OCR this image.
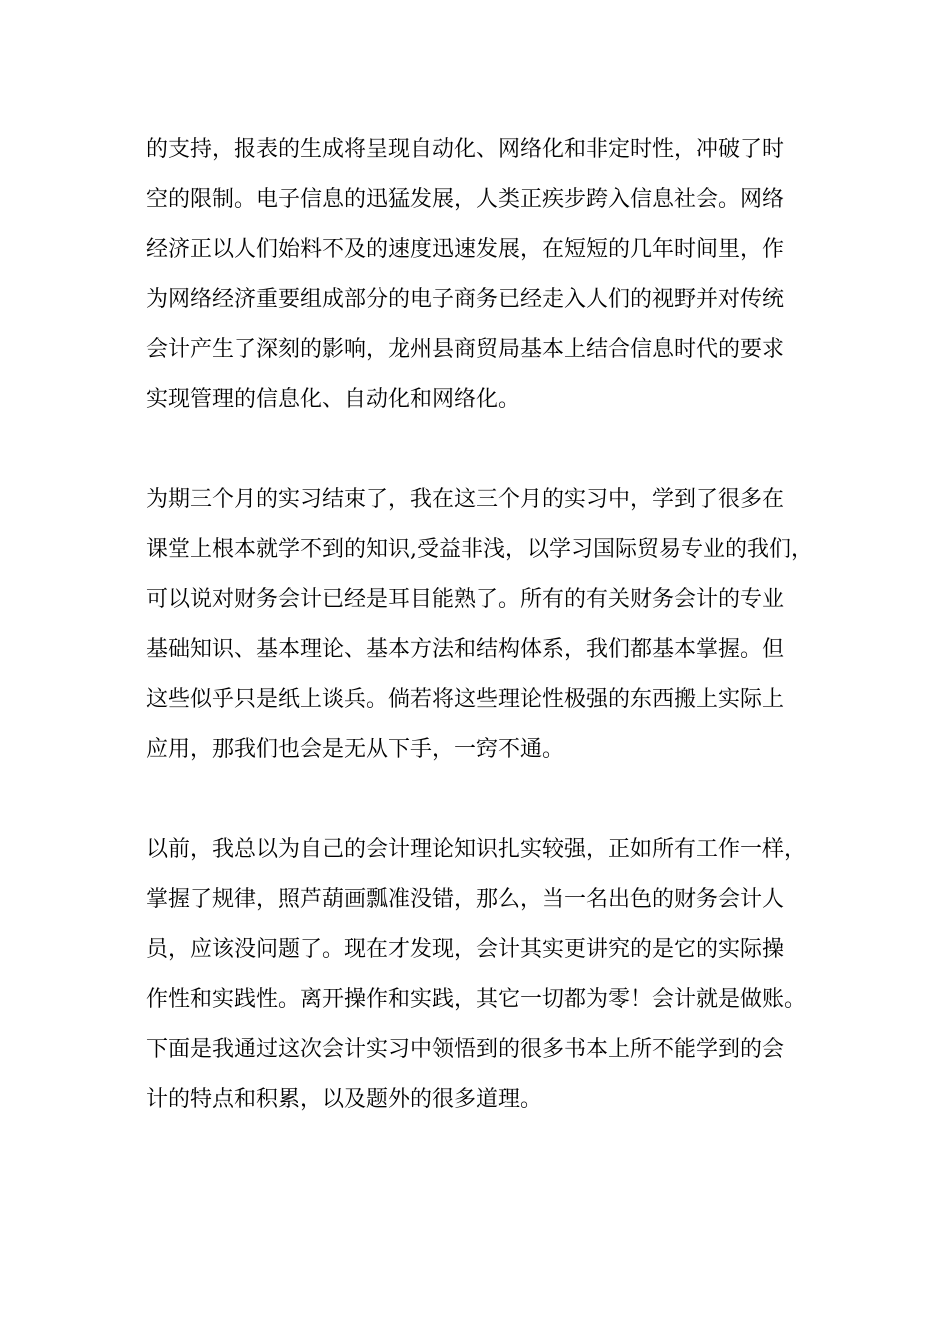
的支持，报表的生成将呈现自动化、网络化和非定时性，冲破了时
空的限制。电子信息的迅猛发展，人类正疾步跨入信息社会。网络
经济正以人们始料不及的速度迅速发展，在短短的几年时间里，作
为网络经济重要组成部分的电子商务已经走入人们的视野并对传统
会计产生了深刻的影响，龙州县商贸局基本上结合信息时代的要求
实现管理的信息化、自动化和网络化。
为期三个月的实习结束了，我在这三个月的实习中，学到了很多在
课堂上根本就学不到的知识,受益非浅，以学习国际贸易专业的我们，
可以说对财务会计已经是耳目能熟了。所有的有关财务会计的专业
基础知识、基本理论、基本方法和结构体系，我们都基本掌握。但
这些似乎只是纸上谈兵。倘若将这些理论性极强的东西搬上实际上
应用，那我们也会是无从下手，一窍不通。
以前，我总以为自己的会计理论知识扎实较强，正如所有工作一样，
掌握了规律，照芦葫画瓢准没错，那么，当一名出色的财务会计人
员，应该没问题了。现在才发现，会计其实更讲究的是它的实际操
作性和实践性。离开操作和实践，其它一切都为零！会计就是做账。
下面是我通过这次会计实习中领悟到的很多书本上所不能学到的会
计的特点和积累，以及题外的很多道理。
